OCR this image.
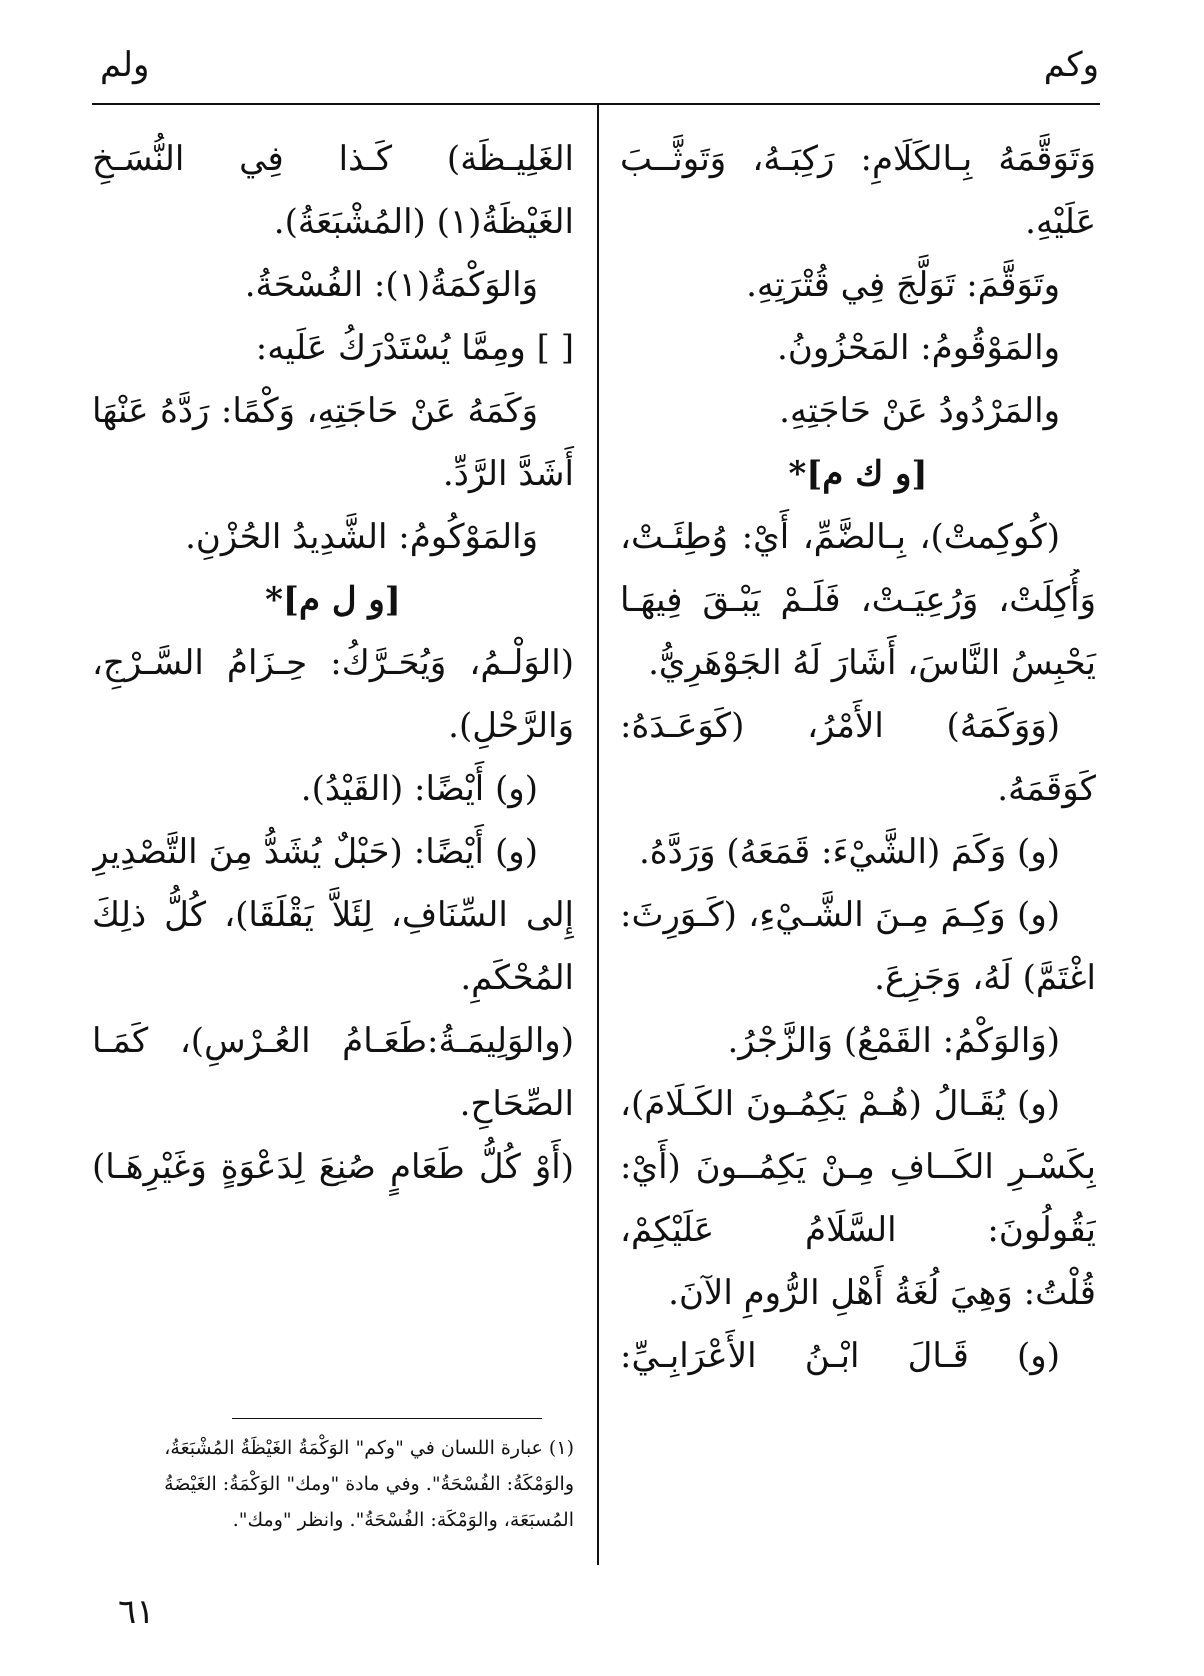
وكم
ولم
وَتَوَقَّمَهُ بِـالكَلَامِ: رَكِبَـهُ، وَتَوثَّــبَ
عَلَيْهِ.
وتَوَقَّمَ: تَوَلَّجَ فِي قُتْرَتِهِ.
والمَوْقُومُ: المَحْزُونُ.
والمَرْدُودُ عَنْ حَاجَتِهِ.
[و ك م]*
(كُوكِمتْ)، بِـالضَّمِّ، أَيْ: وُطِئَـتْ،
وَأُكِلَتْ، وَرُعِيَـتْ، فَلَـمْ يَبْـقَ فِيهَـا
يَحْبِسُ النَّاسَ، أَشَارَ لَهُ الجَوْهَرِيُّ.
(وَوَكَمَهُ) الأَمْرُ، (كَوَعَـدَهُ:
كَوَقَمَهُ.
(و) وَكَمَ (الشَّيْءَ: قَمَعَهُ) وَرَدَّهُ.
(و) وَكِـمَ مِـنَ الشَّـيْءِ، (كَـوَرِثَ:
اغْتَمَّ) لَهُ، وَجَزِعَ.
(وَالوَكْمُ: القَمْعُ) وَالزَّجْرُ.
(و) يُقَـالُ (هُـمْ يَكِمُـونَ الكَـلَامَ)،
بِكَسْـرِ الكَــافِ مِـنْ يَكِمُــونَ (أَيْ:
يَقُولُونَ: السَّلَامُ عَلَيْكِمْ،
قُلْتُ: وَهِيَ لُغَةُ أَهْلِ الرُّومِ الآنَ.
(و) قَـالَ ابْـنُ الأَعْرَابِـيِّ:
الغَلِيـظَة) كَـذا فِي النُّسَـخِ
الغَيْظَةُ(١) (المُشْبَعَةُ).
وَالوَكْمَةُ(١): الفُسْحَةُ.
[ ] ومِمَّا يُسْتَدْرَكُ عَلَيه:
وَكَمَهُ عَنْ حَاجَتِهِ، وَكْمًا: رَدَّهُ عَنْهَا
أَشَدَّ الرَّدِّ.
وَالمَوْكُومُ: الشَّدِيدُ الحُزْنِ.
[و ل م]*
(الوَلْـمُ، وَيُحَـرَّكُ: حِـزَامُ السَّـرْجِ،
وَالرَّحْلِ).
(و) أَيْضًا: (القَيْدُ).
(و) أَيْضًا: (حَبْلٌ يُشَدُّ مِنَ التَّصْدِيرِ
إِلى السِّنَافِ، لِئَلاَّ يَقْلَقَا)، كُلُّ ذلِكَ
المُحْكَمِ.
(والوَلِيمَـةُ:طَعَـامُ العُـرْسِ)، كَمَـا
الصِّحَاحِ.
(أَوْ كُلُّ طَعَامٍ صُنِعَ لِدَعْوَةٍ وَغَيْرِهَـا)
(١) عبارة اللسان في "وكم" الوَكْمَةُ الغَيْظَةُ المُشْبَعَةُ،
والوَمْكَةُ: الفُسْحَةُ". وفي مادة "ومك" الوَكْمَةُ: الغَيْضَةُ
المُسبَعَة، والوَمْكَة: الفُسْحَةُ". وانظر "ومك".
٦١
